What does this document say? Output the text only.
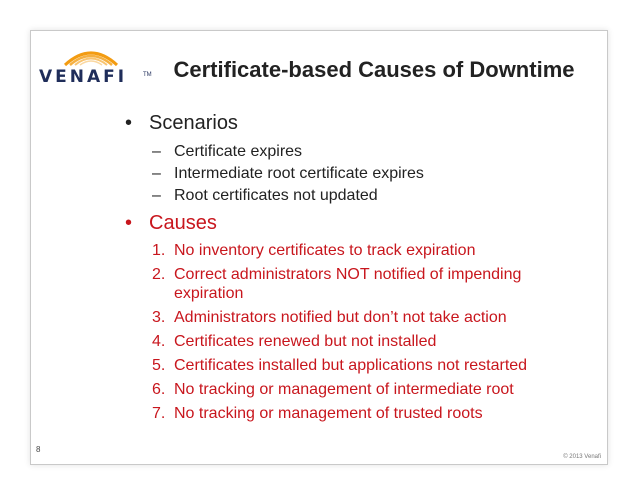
VENAFI	TM Certificate-based Causes of Downtime
• Scenarios
– Certificate expires
– Intermediate root certificate expires
– Root certificates not updated
• Causes
1. No inventory certificates to track expiration
2. Correct administrators NOT notified of impending expiration
3. Administrators notified but don’t not take action
4. Certificates renewed but not installed
5. Certificates installed but applications not restarted
6. No tracking or management of intermediate root
7. No tracking or management of trusted roots
8
© 2013 Venafi
